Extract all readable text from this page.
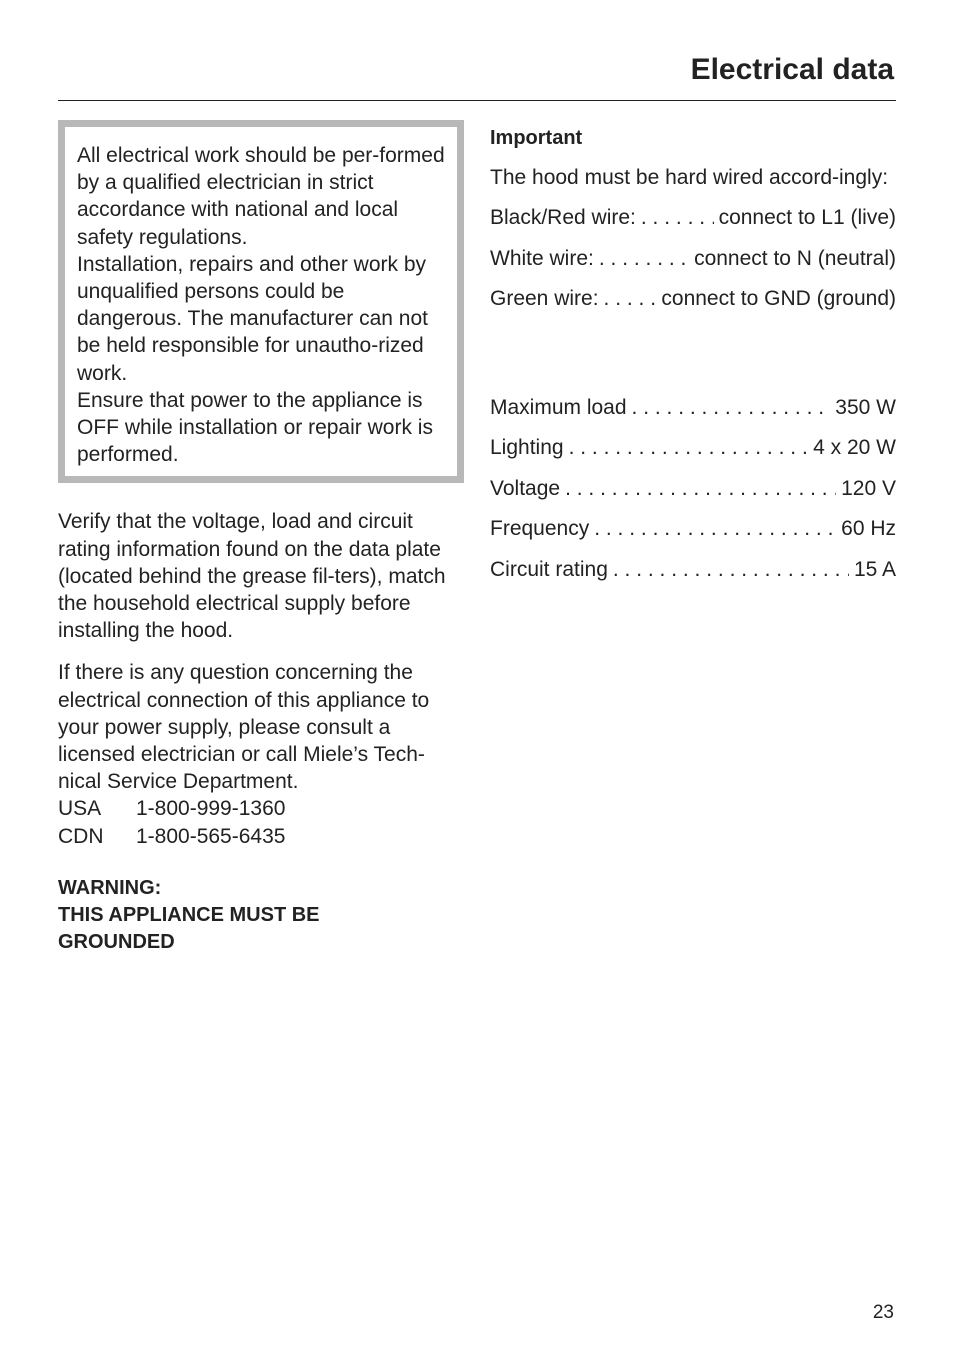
Electrical data

All electrical work should be per-formed by a qualified electrician in strict accordance with national and local safety regulations.

Installation, repairs and other work by unqualified persons could be dangerous. The manufacturer can not be held responsible for unautho-rized work.

Ensure that power to the appliance is OFF while installation or repair work is performed.

Verify that the voltage, load and circuit rating information found on the data plate (located behind the grease fil-ters), match the household electrical supply before installing the hood.

If there is any question concerning the electrical connection of this appliance to your power supply, please consult a licensed electrician or call Miele’s Tech-nical Service Department.

USA	1-800-999-1360
CDN	1-800-565-6435
WARNING:
THIS APPLIANCE MUST BE
GROUNDED

Important

The hood must be hard wired accord-ingly:

Black/Red wire: . . .	connect to L1 (live)
White wire: . . .	connect to N (neutral)
Green wire: . . .	connect to GND (ground)
Maximum load . . .	350 W
Lighting . . .	4 x 20 W
Voltage . . .	120 V
Frequency . . .	60 Hz
Circuit rating . . .	15 A
23
